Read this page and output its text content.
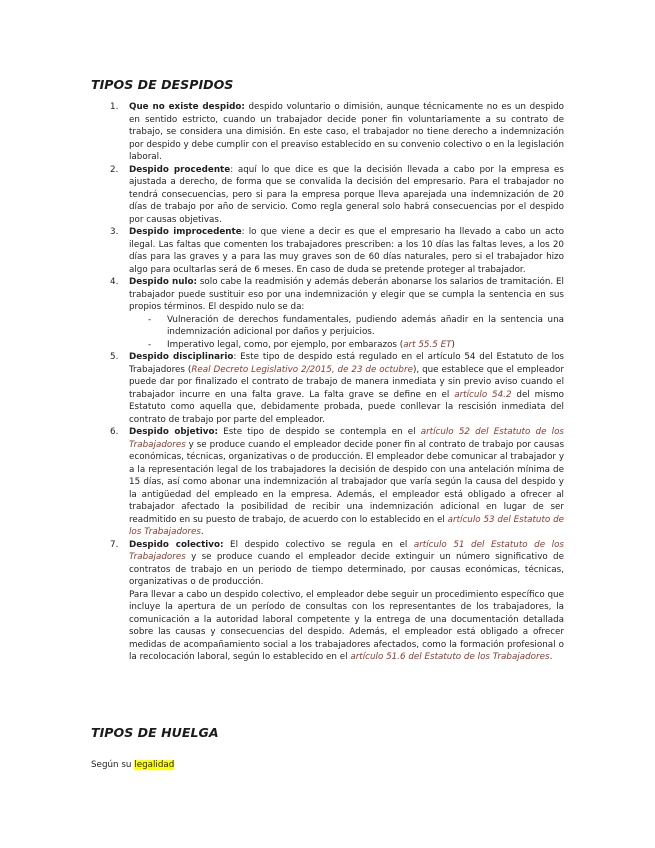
TIPOS DE DESPIDOS
1. Que no existe despido: despido voluntario o dimisión, aunque técnicamente no es un despido en sentido estricto, cuando un trabajador decide poner fin voluntariamente a su contrato de trabajo, se considera una dimisión. En este caso, el trabajador no tiene derecho a indemnización por despido y debe cumplir con el preaviso establecido en su convenio colectivo o en la legislación laboral.
2. Despido procedente: aquí lo que dice es que la decisión llevada a cabo por la empresa es ajustada a derecho, de forma que se convalida la decisión del empresario. Para el trabajador no tendrá consecuencias, pero si para la empresa porque lleva aparejada una indemnización de 20 días de trabajo por año de servicio. Como regla general solo habrá consecuencias por el despido por causas objetivas.
3. Despido improcedente: lo que viene a decir es que el empresario ha llevado a cabo un acto ilegal. Las faltas que comenten los trabajadores prescriben: a los 10 días las faltas leves, a los 20 días para las graves y a para las muy graves son de 60 días naturales, pero si el trabajador hizo algo para ocultarlas será de 6 meses. En caso de duda se pretende proteger al trabajador.
4. Despido nulo: solo cabe la readmisión y además deberán abonarse los salarios de tramitación. El trabajador puede sustituir eso por una indemnización y elegir que se cumpla la sentencia en sus propios términos. El despido nulo se da:
- Vulneración de derechos fundamentales, pudiendo además añadir en la sentencia una indemnización adicional por daños y perjuicios.
- Imperativo legal, como, por ejemplo, por embarazos (art 55.5 ET)
5. Despido disciplinario: Este tipo de despido está regulado en el artículo 54 del Estatuto de los Trabajadores (Real Decreto Legislativo 2/2015, de 23 de octubre), que establece que el empleador puede dar por finalizado el contrato de trabajo de manera inmediata y sin previo aviso cuando el trabajador incurre en una falta grave. La falta grave se define en el artículo 54.2 del mismo Estatuto como aquella que, debidamente probada, puede conllevar la rescisión inmediata del contrato de trabajo por parte del empleador.
6. Despido objetivo: Este tipo de despido se contempla en el artículo 52 del Estatuto de los Trabajadores y se produce cuando el empleador decide poner fin al contrato de trabajo por causas económicas, técnicas, organizativas o de producción. El empleador debe comunicar al trabajador y a la representación legal de los trabajadores la decisión de despido con una antelación mínima de 15 días, así como abonar una indemnización al trabajador que varía según la causa del despido y la antigüedad del empleado en la empresa. Además, el empleador está obligado a ofrecer al trabajador afectado la posibilidad de recibir una indemnización adicional en lugar de ser readmitido en su puesto de trabajo, de acuerdo con lo establecido en el artículo 53 del Estatuto de los Trabajadores.
7. Despido colectivo: El despido colectivo se regula en el artículo 51 del Estatuto de los Trabajadores y se produce cuando el empleador decide extinguir un número significativo de contratos de trabajo en un periodo de tiempo determinado, por causas económicas, técnicas, organizativas o de producción.
Para llevar a cabo un despido colectivo, el empleador debe seguir un procedimiento específico que incluye la apertura de un período de consultas con los representantes de los trabajadores, la comunicación a la autoridad laboral competente y la entrega de una documentación detallada sobre las causas y consecuencias del despido. Además, el empleador está obligado a ofrecer medidas de acompañamiento social a los trabajadores afectados, como la formación profesional o la recolocación laboral, según lo establecido en el artículo 51.6 del Estatuto de los Trabajadores.
TIPOS DE HUELGA
Según su legalidad
